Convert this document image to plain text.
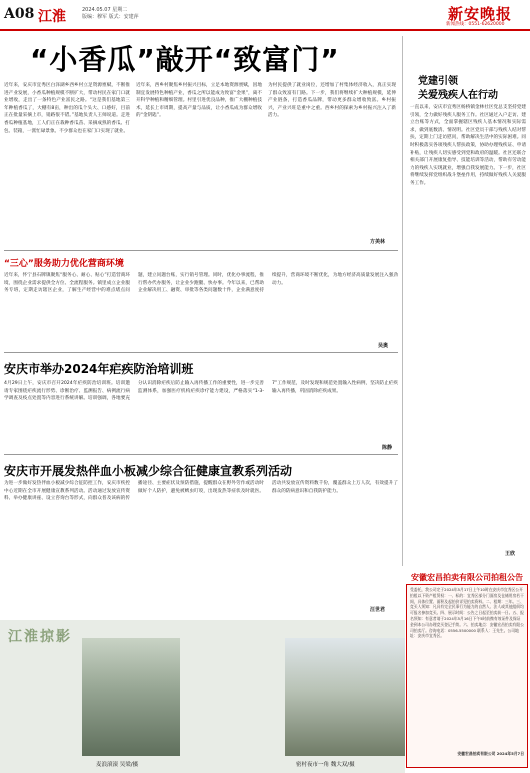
A08 江淮	2024.05.07 星期二
版编：穆军 版式：安建萍	新安晚报
新闻热线：0551-62620000
“小香瓜”敲开“致富门”
近年来，安庆市宜秀区白泽湖乡西乡村立足资源禀赋，不断推进产业发展，小香瓜种植规模不断扩大，带动村民在家门口就业增收，走出了一条特色产业富民之路。“这是我们基地第三年种植香瓜了，大棚有8亩，种出的瓜个头大、口感好，目前正在批量采摘上市，销路很不错。”基地负责人王师说道。走进香瓜种植基地，工人们正在栽种香瓜苗、采摘成熟的香瓜、打包、装箱，一派忙碌景象。不少群众也在家门口实现了就业。
近年来，西乡村聚焦乡村振兴目标，立足本地资源禀赋，因地制宜发展特色种植产业，香瓜之所以能成为致富“金果”，离不开科学种植和精细管理。村里引进优良品种，推广大棚种植技术，延长上市周期，提高产量与品质，让小香瓜成为群众增收的“金钥匙”。
为村民提供了就业岗位，还增加了村集体经济收入，真正实现了群众致富有门路。下一步，我们将继续扩大种植规模，延伸产业链条，打造香瓜品牌，带动更多群众增收致富。乡村振兴，产业兴旺是重中之重。西乡村的探索为乡村振兴注入了新活力。
方美林
党建引领
关爱残疾人在行动
一直以来，安庆市宜秀区杨桥镇金林社区党总支坚持党建引领，全力做好残疾人服务工作。社区通过入户走访、建立台账等方式，全面掌握辖区残疾人基本情况和实际需求，做到底数清、情况明。社区党员干部与残疾人结对帮扶，定期上门走访慰问，帮助解决生活中的实际困难。同时积极落实各项残疾人帮扶政策，协助办理残疾证、申请补贴，让残疾人切实感受到党和政府的温暖。社区还联合相关部门开展康复指导、技能培训等活动，帮助有劳动能力的残疾人实现就业，增强自我发展能力。下一步，社区将继续发挥党组织战斗堡垒作用，持续做好残疾人关爱服务工作。
王欣
“三心”服务助力优化营商环境
近年来，怀宁县石牌镇聚焦“服务心、耐心、贴心”打造营商环境，围绕企业需求提供全方位、全流程服务。镇里成立企业服务专班，定期走访辖区企业，了解生产经营中的难点堵点问题，建立问题台账，实行销号管理。同时，优化办事流程，推行帮办代办服务，让企业少跑腿、快办事。今年以来，已帮助企业解决用工、融资、审批等各类问题数十件，企业满意度持续提升，营商环境不断优化，为地方经济高质量发展注入强劲动力。
吴奥
安庆市举办2024年疟疾防治培训班
4月29日上午，安庆市召开2024年疟疾防治培训班。培训邀请专家围绕疟疾流行形势、诊断治疗、监测报告、病例流行病学调查及疫点处置等内容进行系统讲解。培训强调，各地要充分认识消除疟疾后防止输入再传播工作的重要性，进一步完善监测体系，加强医疗机构疟疾诊疗能力建设，严格落实“1-3-7”工作规范，及时发现和规范处置输入性病例，坚决防止疟疾输入再传播，巩固消除疟疾成果。
陈静
安庆市开展发热伴血小板减少综合征健康宣教系列活动
为进一步做好发热伴血小板减少综合征防控工作，安庆市疾控中心近期在全市开展健康宣教系列活动。活动通过发放宣传资料、举办健康讲座、设立咨询台等形式，向群众普及该病的传播途径、主要症状及预防措施，提醒群众在野外劳作或活动时做好个人防护，避免被蜱虫叮咬，出现发热等症状及时就医。活动共发放宣传资料数千份，覆盖群众上万人次，有效提升了群众的防病意识和自我防护能力。
汪世君
江淮掠影
麦浪滚滚 吴梁/摄	密村夜市一角 魏大双/摄
安徽宏昌拍卖有限公司拍租公告
受委托，我公司定于2024年5月17日上午10时在安庆市宜秀区公开拍租以下资产租赁权：一、标的：宜秀区部分门面房及仓储用房若干间，具体位置、面积及起拍价详见拍卖资料。二、租期：三年。三、竞买人须知：凡具有完全民事行为能力的自然人、法人或其他组织均可报名参加竞买。四、展示时间：公告之日起至拍卖前一日。五、报名须知：有意者请于2024年5月16日下午5时前携有效证件及保证金到本公司办理竞买登记手续。六、拍卖地点：安徽宏昌拍卖有限公司拍卖厅。咨询电话：0556-5500000 联系人：王先生。公司地址：安庆市宜秀区。
安徽宏昌拍卖有限公司 2024年5月7日
